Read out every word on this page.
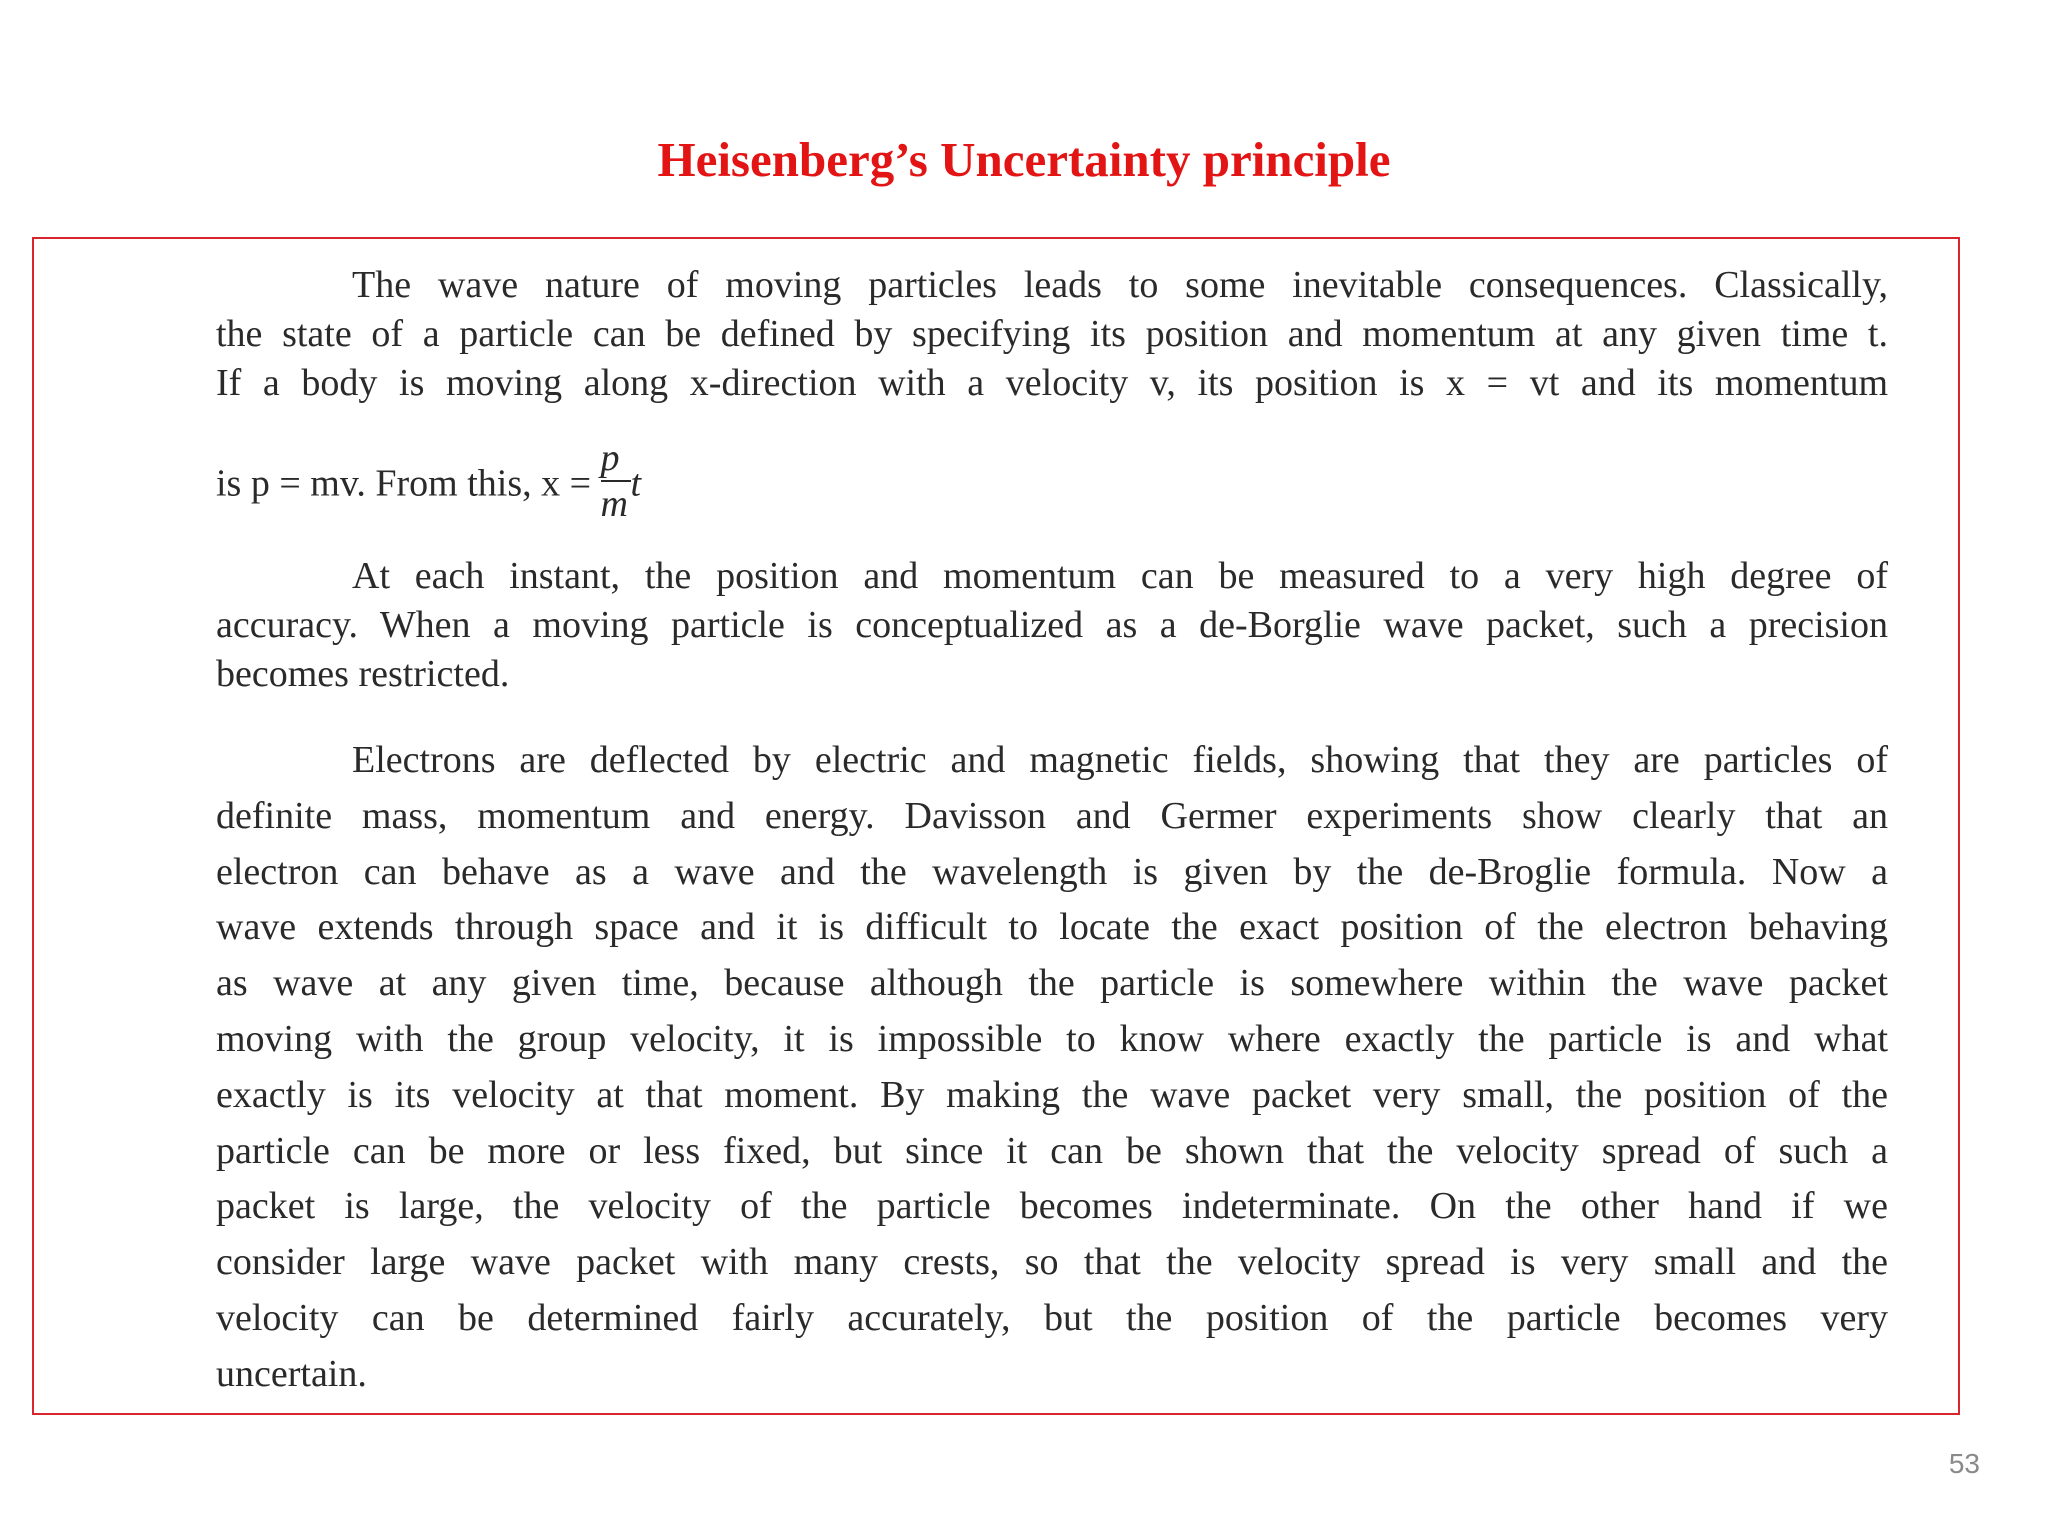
Heisenberg’s Uncertainty principle
The wave nature of moving particles leads to some inevitable consequences. Classically,
the state of a particle can be defined by specifying its position and momentum at any given time t.
If a body is moving along x-direction with a velocity v, its position is x = vt and its momentum
is p = mv. From this, $x = \frac{p}{m}$ t
At each instant, the position and momentum can be measured to a very high degree of
accuracy. When a moving particle is conceptualized as a de-Borglie wave packet, such a precision
becomes restricted.
Electrons are deflected by electric and magnetic fields, showing that they are particles of
definite mass, momentum and energy. Davisson and Germer experiments show clearly that an
electron can behave as a wave and the wavelength is given by the de-Broglie formula. Now a
wave extends through space and it is difficult to locate the exact position of the electron behaving
as wave at any given time, because although the particle is somewhere within the wave packet
moving with the group velocity, it is impossible to know where exactly the particle is and what
exactly is its velocity at that moment. By making the wave packet very small, the position of the
particle can be more or less fixed, but since it can be shown that the velocity spread of such a
packet is large, the velocity of the particle becomes indeterminate. On the other hand if we
consider large wave packet with many crests, so that the velocity spread is very small and the
velocity can be determined fairly accurately, but the position of the particle becomes very
uncertain.
53
